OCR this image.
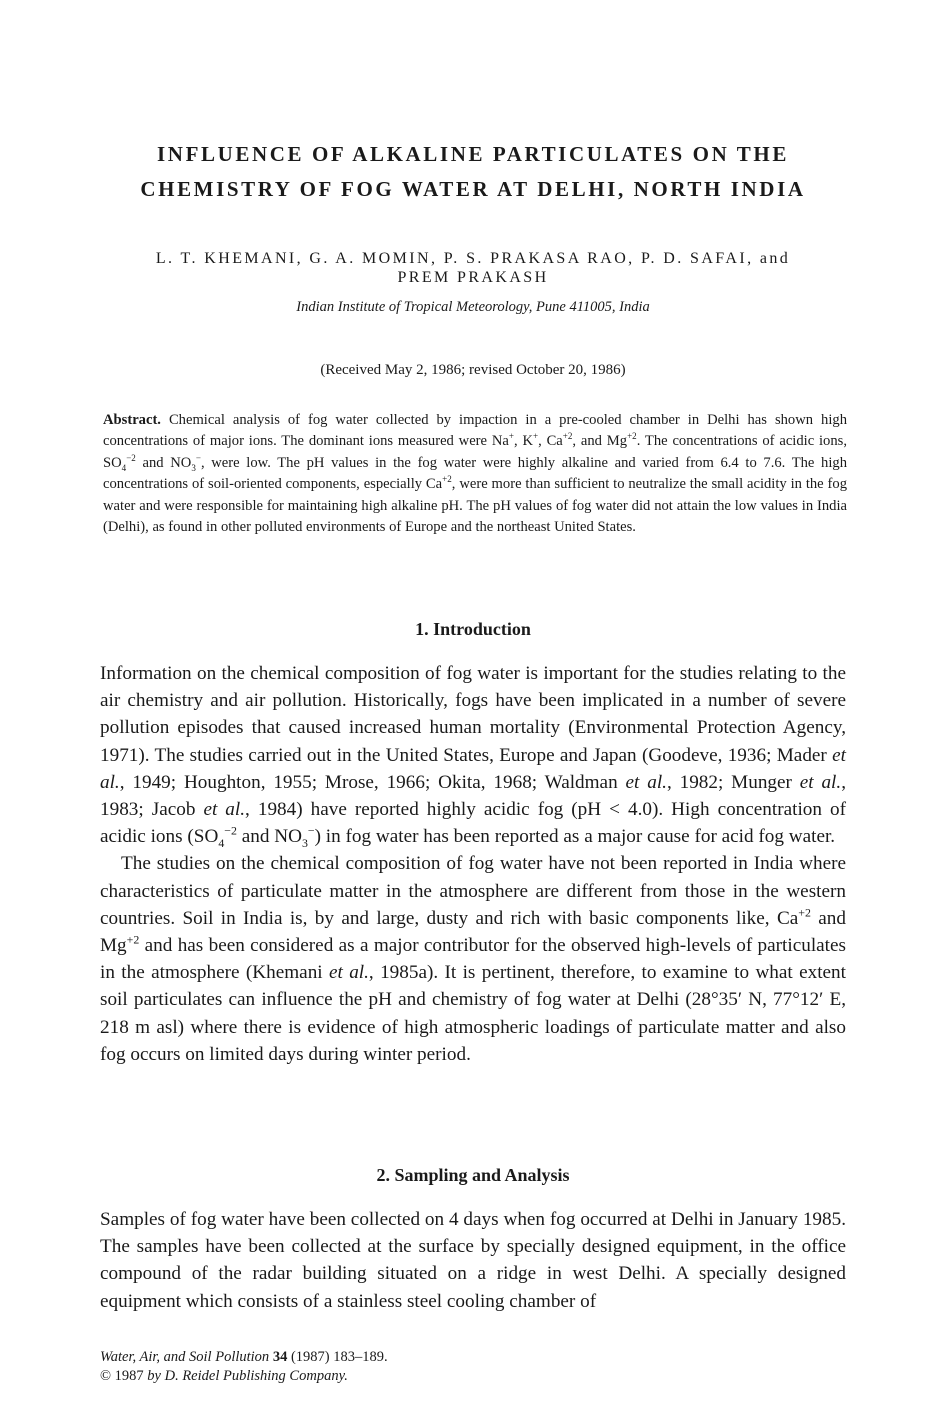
INFLUENCE OF ALKALINE PARTICULATES ON THE
CHEMISTRY OF FOG WATER AT DELHI, NORTH INDIA
L. T. KHEMANI, G. A. MOMIN, P. S. PRAKASA RAO, P. D. SAFAI, and
PREM PRAKASH
Indian Institute of Tropical Meteorology, Pune 411005, India
(Received May 2, 1986; revised October 20, 1986)
Abstract. Chemical analysis of fog water collected by impaction in a pre-cooled chamber in Delhi has shown high concentrations of major ions. The dominant ions measured were Na+, K+, $Ca^{+2}$, and $Mg^{+2}$. The concentrations of acidic ions, $SO_4^{-2}$ and $NO_3^-$, were low. The pH values in the fog water were highly alkaline and varied from 6.4 to 7.6. The high concentrations of soil-oriented components, especially $Ca^{+2}$, were more than sufficient to neutralize the small acidity in the fog water and were responsible for maintaining high alkaline pH. The pH values of fog water did not attain the low values in India (Delhi), as found in other polluted environments of Europe and the northeast United States.
1. Introduction

Information on the chemical composition of fog water is important for the studies relating to the air chemistry and air pollution. Historically, fogs have been implicated in a number of severe pollution episodes that caused increased human mortality (Environmental Protection Agency, 1971). The studies carried out in the United States, Europe and Japan (Goodeve, 1936; Mader et al., 1949; Houghton, 1955; Mrose, 1966; Okita, 1968; Waldman et al., 1982; Munger et al., 1983; Jacob et al., 1984) have reported highly acidic fog (pH < 4.0). High concentration of acidic ions ($SO_4^{-2}$ and $NO_3^-$) in fog water has been reported as a major cause for acid fog water.

The studies on the chemical composition of fog water have not been reported in India where characteristics of particulate matter in the atmosphere are different from those in the western countries. Soil in India is, by and large, dusty and rich with basic components like, $Ca^{+2}$ and $Mg^{+2}$ and has been considered as a major contributor for the observed high-levels of particulates in the atmosphere (Khemani et al., 1985a). It is pertinent, therefore, to examine to what extent soil particulates can influence the pH and chemistry of fog water at Delhi (28°35′ N, 77°12′ E, 218 m asl) where there is evidence of high atmospheric loadings of particulate matter and also fog occurs on limited days during winter period.

2. Sampling and Analysis

Samples of fog water have been collected on 4 days when fog occurred at Delhi in January 1985. The samples have been collected at the surface by specially designed equipment, in the office compound of the radar building situated on a ridge in west Delhi. A specially designed equipment which consists of a stainless steel cooling chamber of

Water, Air, and Soil Pollution 34 (1987) 183–189.
© 1987 by D. Reidel Publishing Company.
